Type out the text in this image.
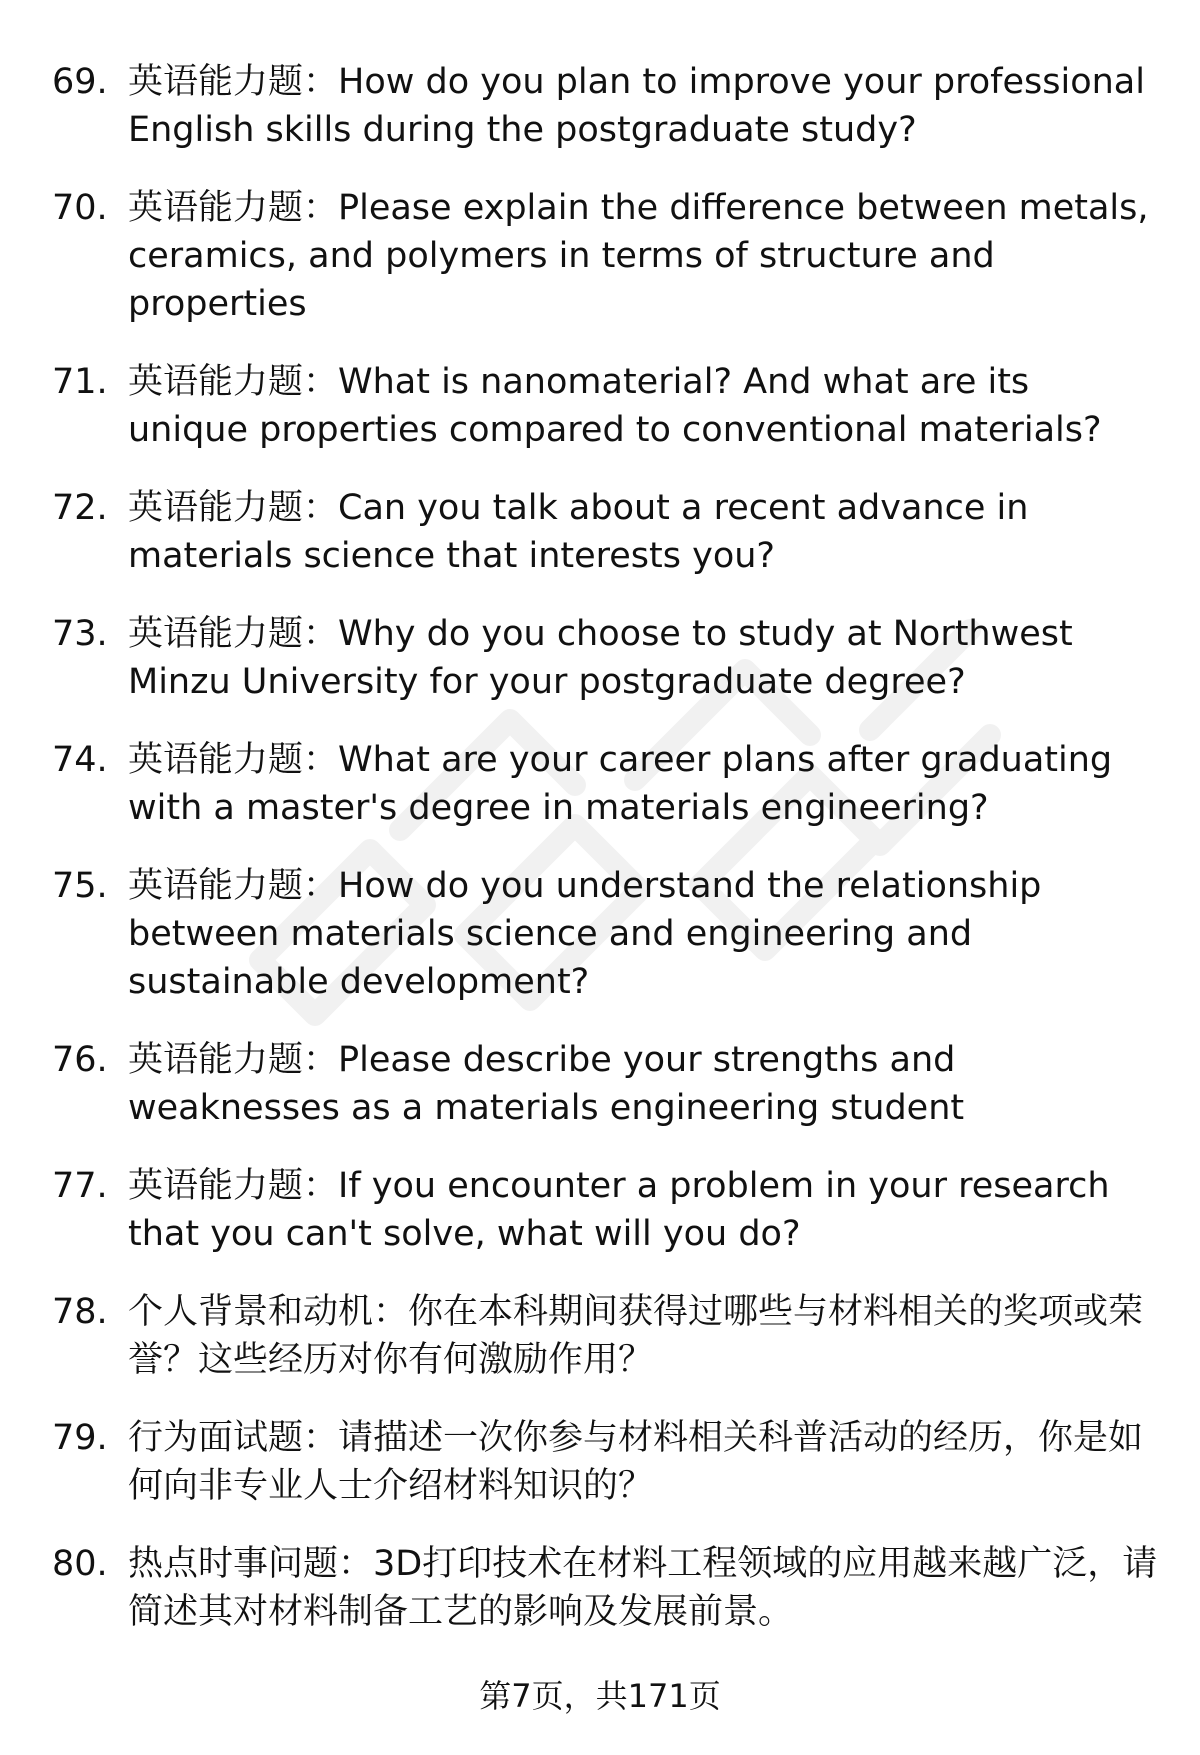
69. 英语能力题：How do you plan to improve your professional English skills during the postgraduate study?
70. 英语能力题：Please explain the difference between metals, ceramics, and polymers in terms of structure and properties
71. 英语能力题：What is nanomaterial? And what are its unique properties compared to conventional materials?
72. 英语能力题：Can you talk about a recent advance in materials science that interests you?
73. 英语能力题：Why do you choose to study at Northwest Minzu University for your postgraduate degree?
74. 英语能力题：What are your career plans after graduating with a master's degree in materials engineering?
75. 英语能力题：How do you understand the relationship between materials science and engineering and sustainable development?
76. 英语能力题：Please describe your strengths and weaknesses as a materials engineering student
77. 英语能力题：If you encounter a problem in your research that you can't solve, what will you do?
78. 个人背景和动机：你在本科期间获得过哪些与材料相关的奖项或荣誉？这些经历对你有何激励作用？
79. 行为面试题：请描述一次你参与材料相关科普活动的经历，你是如何向非专业人士介绍材料知识的？
80. 热点时事问题：3D打印技术在材料工程领域的应用越来越广泛，请简述其对材料制备工艺的影响及发展前景。
第7页，共171页
